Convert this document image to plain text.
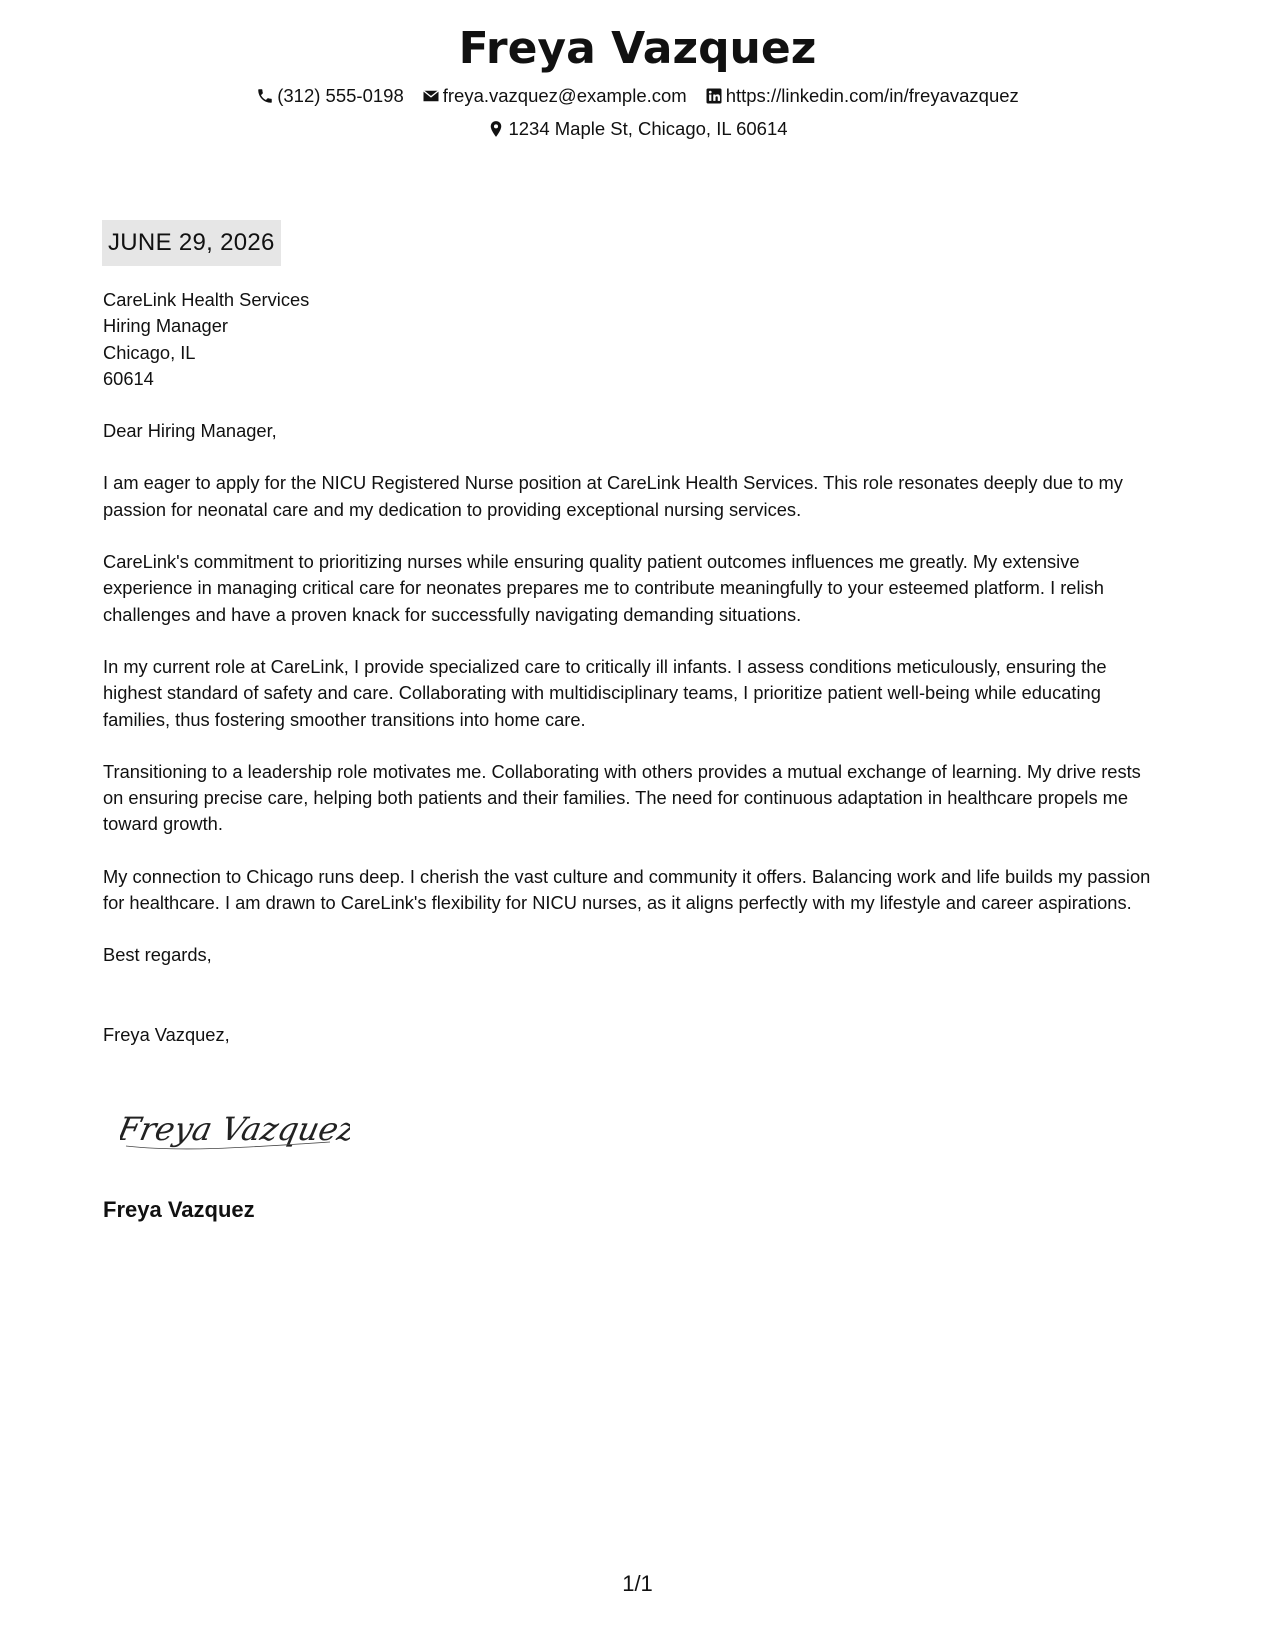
Freya Vazquez
(312) 555-0198 freya.vazquez@example.com https://linkedin.com/in/freyavazquez
1234 Maple St, Chicago, IL 60614
JUNE 29, 2026
CareLink Health Services
Hiring Manager
Chicago, IL
60614

Dear Hiring Manager,

I am eager to apply for the NICU Registered Nurse position at CareLink Health Services. This role resonates deeply due to my passion for neonatal care and my dedication to providing exceptional nursing services.

CareLink's commitment to prioritizing nurses while ensuring quality patient outcomes influences me greatly. My extensive experience in managing critical care for neonates prepares me to contribute meaningfully to your esteemed platform. I relish challenges and have a proven knack for successfully navigating demanding situations.

In my current role at CareLink, I provide specialized care to critically ill infants. I assess conditions meticulously, ensuring the highest standard of safety and care. Collaborating with multidisciplinary teams, I prioritize patient well-being while educating families, thus fostering smoother transitions into home care.

Transitioning to a leadership role motivates me. Collaborating with others provides a mutual exchange of learning. My drive rests on ensuring precise care, helping both patients and their families. The need for continuous adaptation in healthcare propels me toward growth.

My connection to Chicago runs deep. I cherish the vast culture and community it offers. Balancing work and life builds my passion for healthcare. I am drawn to CareLink's flexibility for NICU nurses, as it aligns perfectly with my lifestyle and career aspirations.

Best regards,

Freya Vazquez,

Freya Vazquez
Freya Vazquez
1/1
